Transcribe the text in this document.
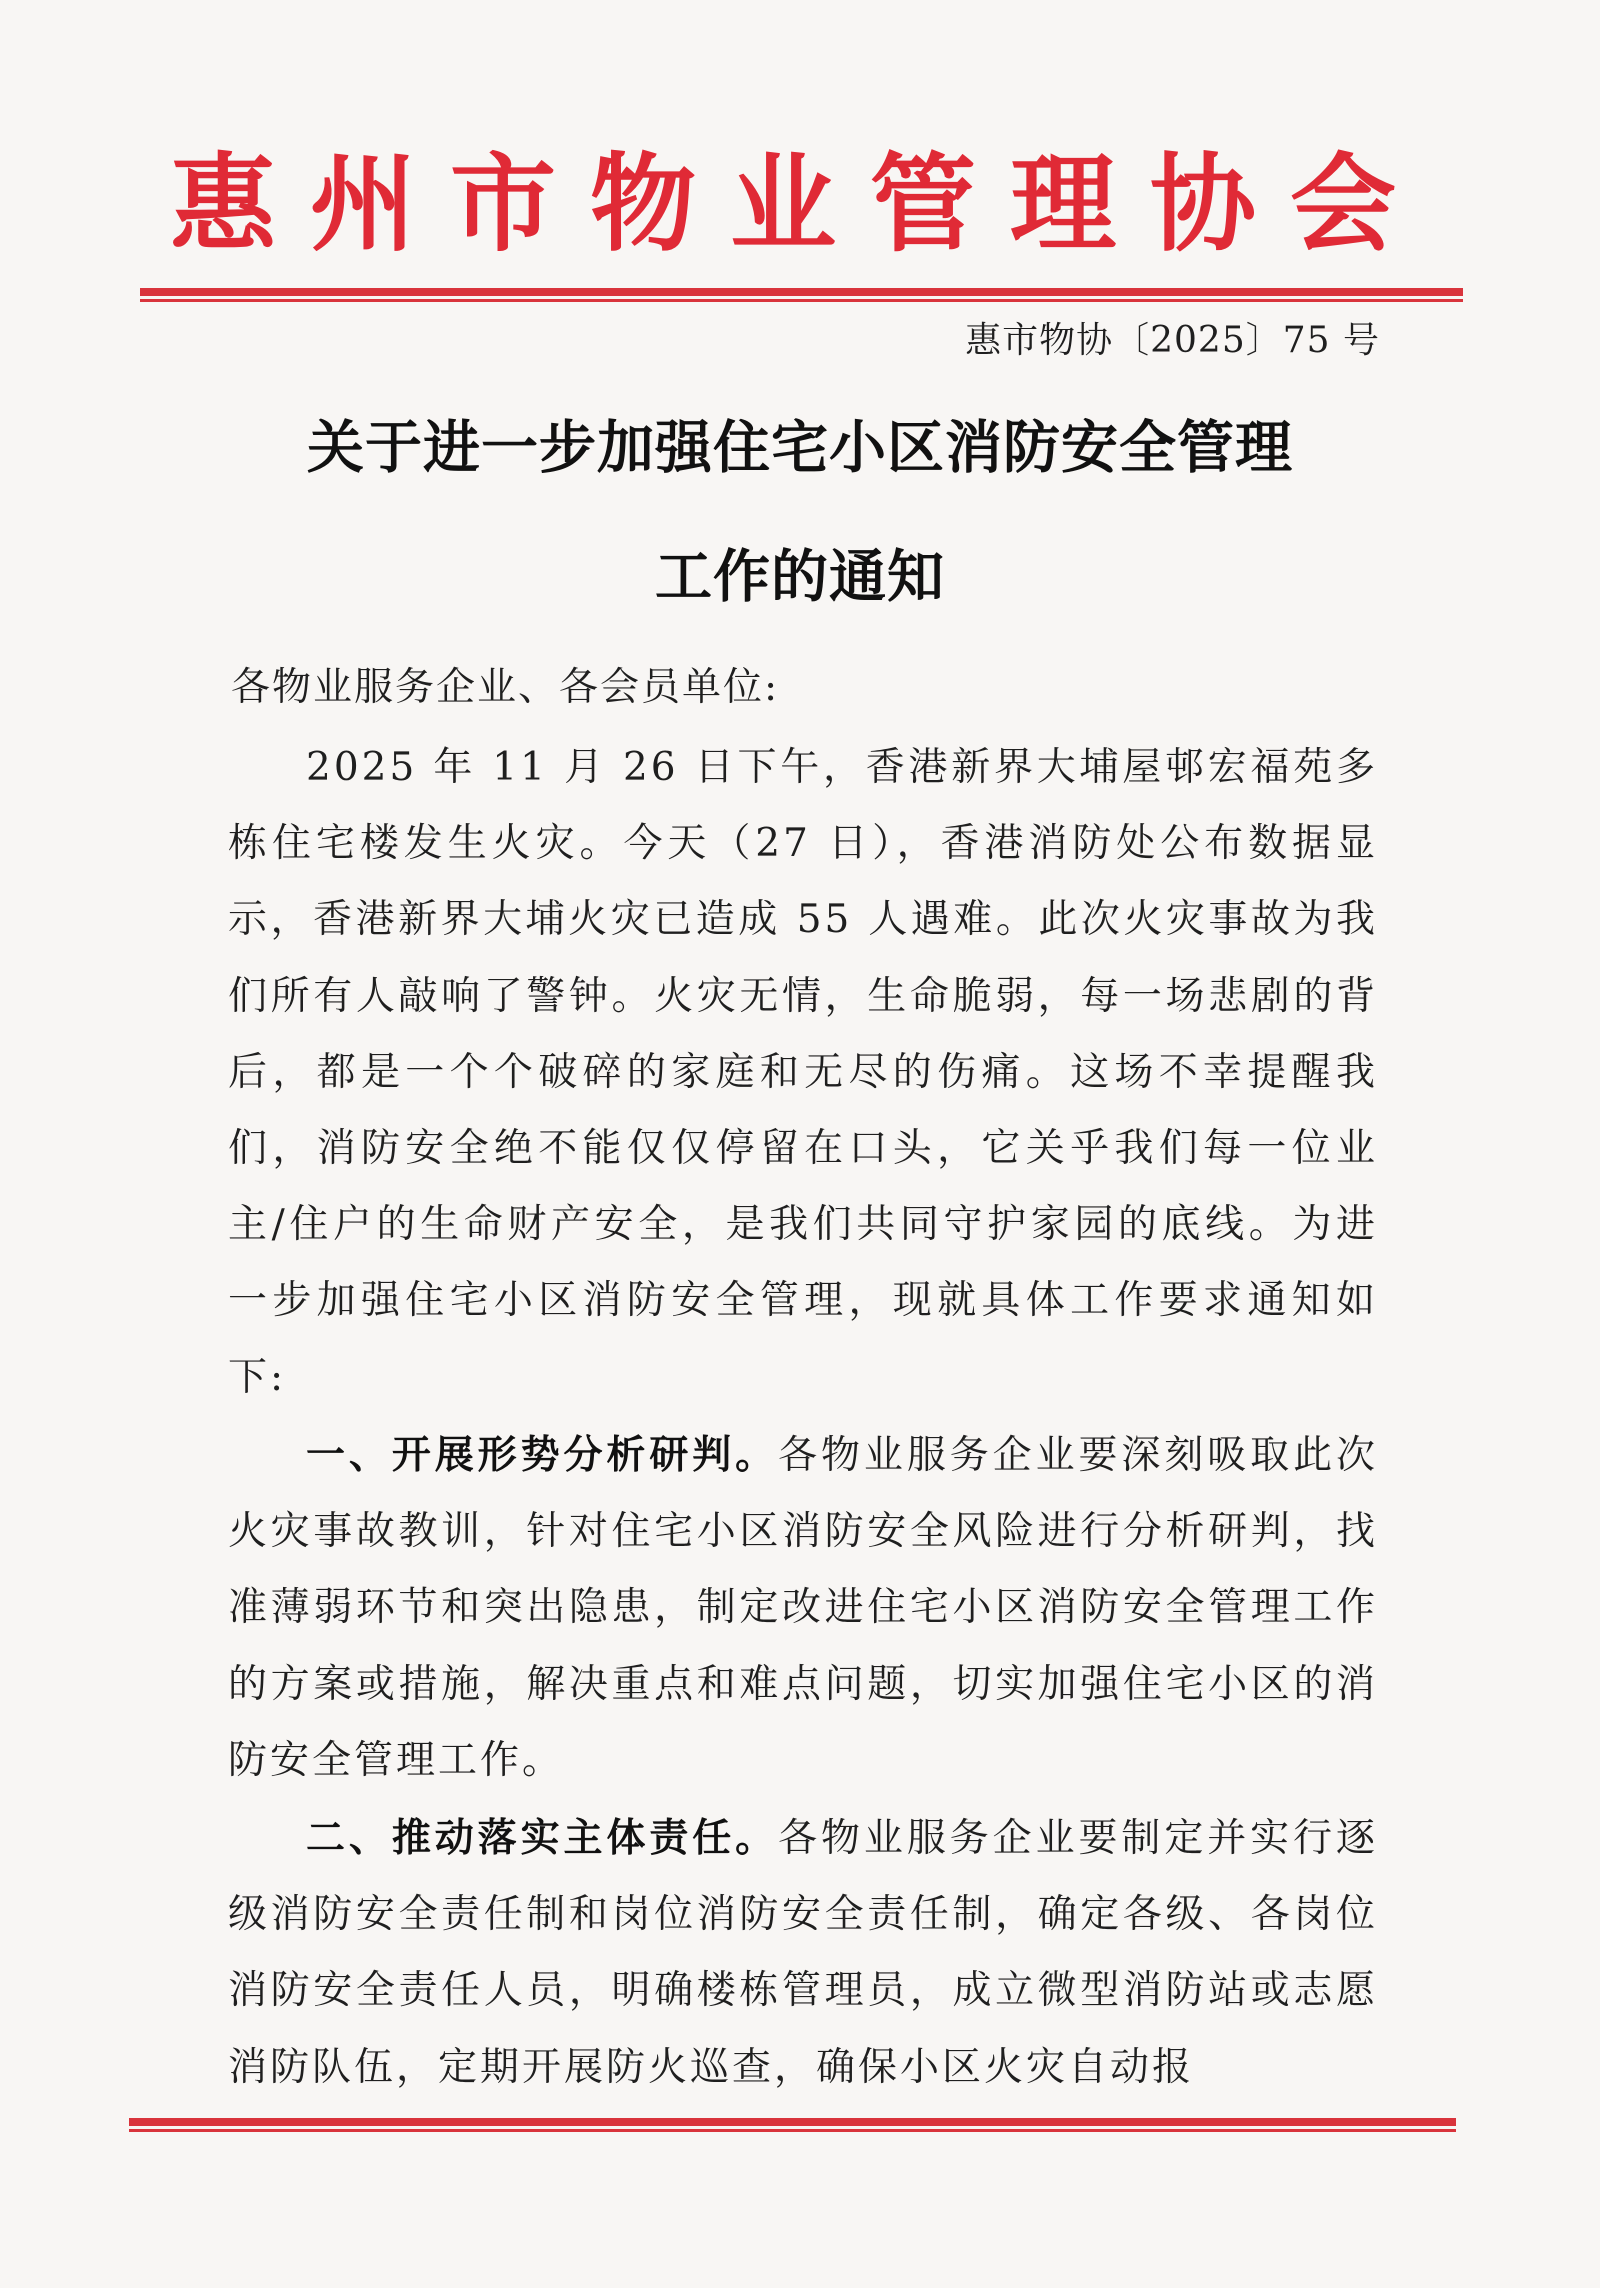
惠州市物业管理协会
惠市物协〔2025〕75 号
关于进一步加强住宅小区消防安全管理
工作的通知
各物业服务企业、各会员单位:

2025 年 11 月 26 日下午，香港新界大埔屋邨宏福苑多栋住宅楼发生火灾。今天（27 日），香港消防处公布数据显示，香港新界大埔火灾已造成 55 人遇难。此次火灾事故为我们所有人敲响了警钟。火灾无情，生命脆弱，每一场悲剧的背后，都是一个个破碎的家庭和无尽的伤痛。这场不幸提醒我们，消防安全绝不能仅仅停留在口头，它关乎我们每一位业主/住户的生命财产安全，是我们共同守护家园的底线。为进一步加强住宅小区消防安全管理，现就具体工作要求通知如下:

一、开展形势分析研判。各物业服务企业要深刻吸取此次火灾事故教训，针对住宅小区消防安全风险进行分析研判，找准薄弱环节和突出隐患，制定改进住宅小区消防安全管理工作的方案或措施，解决重点和难点问题，切实加强住宅小区的消防安全管理工作。

二、推动落实主体责任。各物业服务企业要制定并实行逐级消防安全责任制和岗位消防安全责任制，确定各级、各岗位消防安全责任人员，明确楼栋管理员，成立微型消防站或志愿消防队伍，定期开展防火巡查，确保小区火灾自动报
